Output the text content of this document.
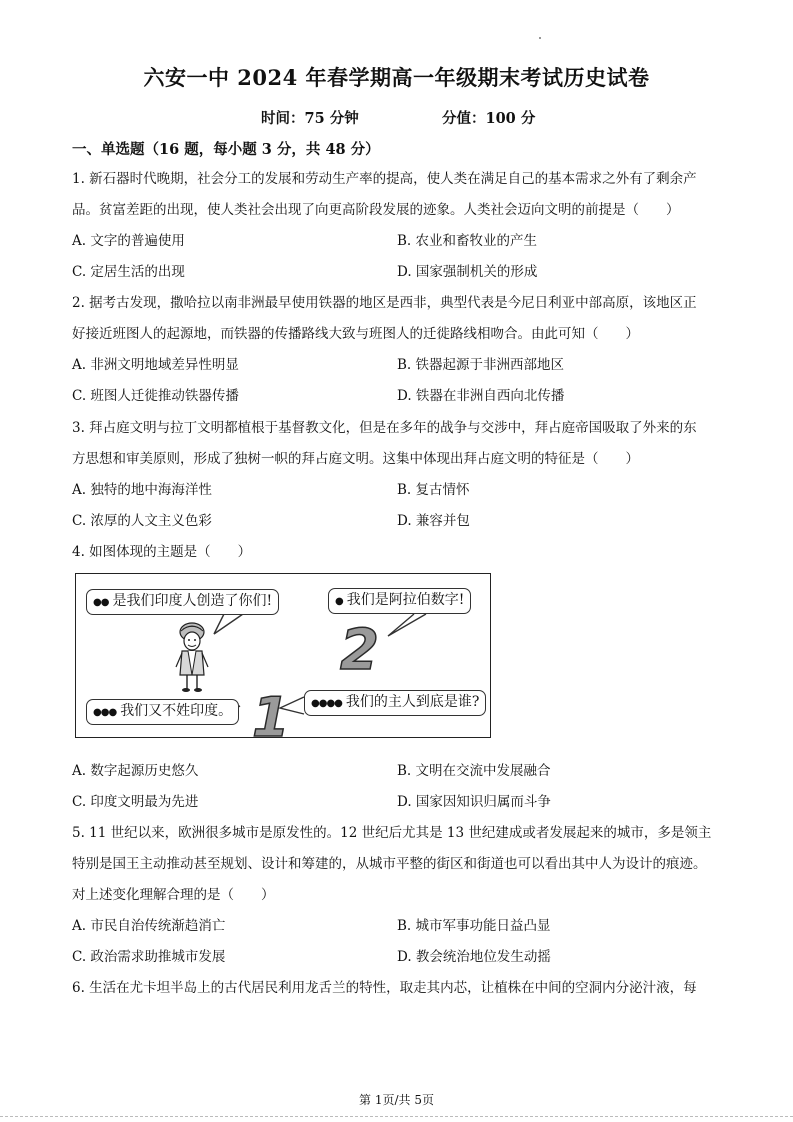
六安一中 2024 年春学期高一年级期末考试历史试卷
时间：75 分钟	分值：100 分
一、单选题（16 题，每小题 3 分，共 48 分）
1. 新石器时代晚期，社会分工的发展和劳动生产率的提高，使人类在满足自己的基本需求之外有了剩余产
品。贫富差距的出现，使人类社会出现了向更高阶段发展的迹象。人类社会迈向文明的前提是（　　）
A. 文字的普遍使用	B. 农业和畜牧业的产生
C. 定居生活的出现	D. 国家强制机关的形成
2. 据考古发现，撒哈拉以南非洲最早使用铁器的地区是西非，典型代表是今尼日利亚中部高原，该地区正
好接近班图人的起源地，而铁器的传播路线大致与班图人的迁徙路线相吻合。由此可知（　　）
A. 非洲文明地域差异性明显	B. 铁器起源于非洲西部地区
C. 班图人迁徙推动铁器传播	D. 铁器在非洲自西向北传播
3. 拜占庭文明与拉丁文明都植根于基督教文化，但是在多年的战争与交涉中，拜占庭帝国吸取了外来的东
方思想和审美原则，形成了独树一帜的拜占庭文明。这集中体现出拜占庭文明的特征是（　　）
A. 独特的地中海海洋性	B. 复古情怀
C. 浓厚的人文主义色彩	D. 兼容并包
4. 如图体现的主题是（　　）
●● 是我们印度人创造了你们!	● 我们是阿拉伯数字!
●●● 我们又不姓印度。	●●●● 我们的主人到底是谁?
2
1
A. 数字起源历史悠久	B. 文明在交流中发展融合
C. 印度文明最为先进	D. 国家因知识归属而斗争
5. 11 世纪以来，欧洲很多城市是原发性的。12 世纪后尤其是 13 世纪建成或者发展起来的城市，多是领主
特别是国王主动推动甚至规划、设计和筹建的，从城市平整的街区和街道也可以看出其中人为设计的痕迹。
对上述变化理解合理的是（　　）
A. 市民自治传统渐趋消亡	B. 城市军事功能日益凸显
C. 政治需求助推城市发展	D. 教会统治地位发生动摇
6. 生活在尤卡坦半岛上的古代居民利用龙舌兰的特性，取走其内芯，让植株在中间的空洞内分泌汁液，每
第 1页/共 5页
